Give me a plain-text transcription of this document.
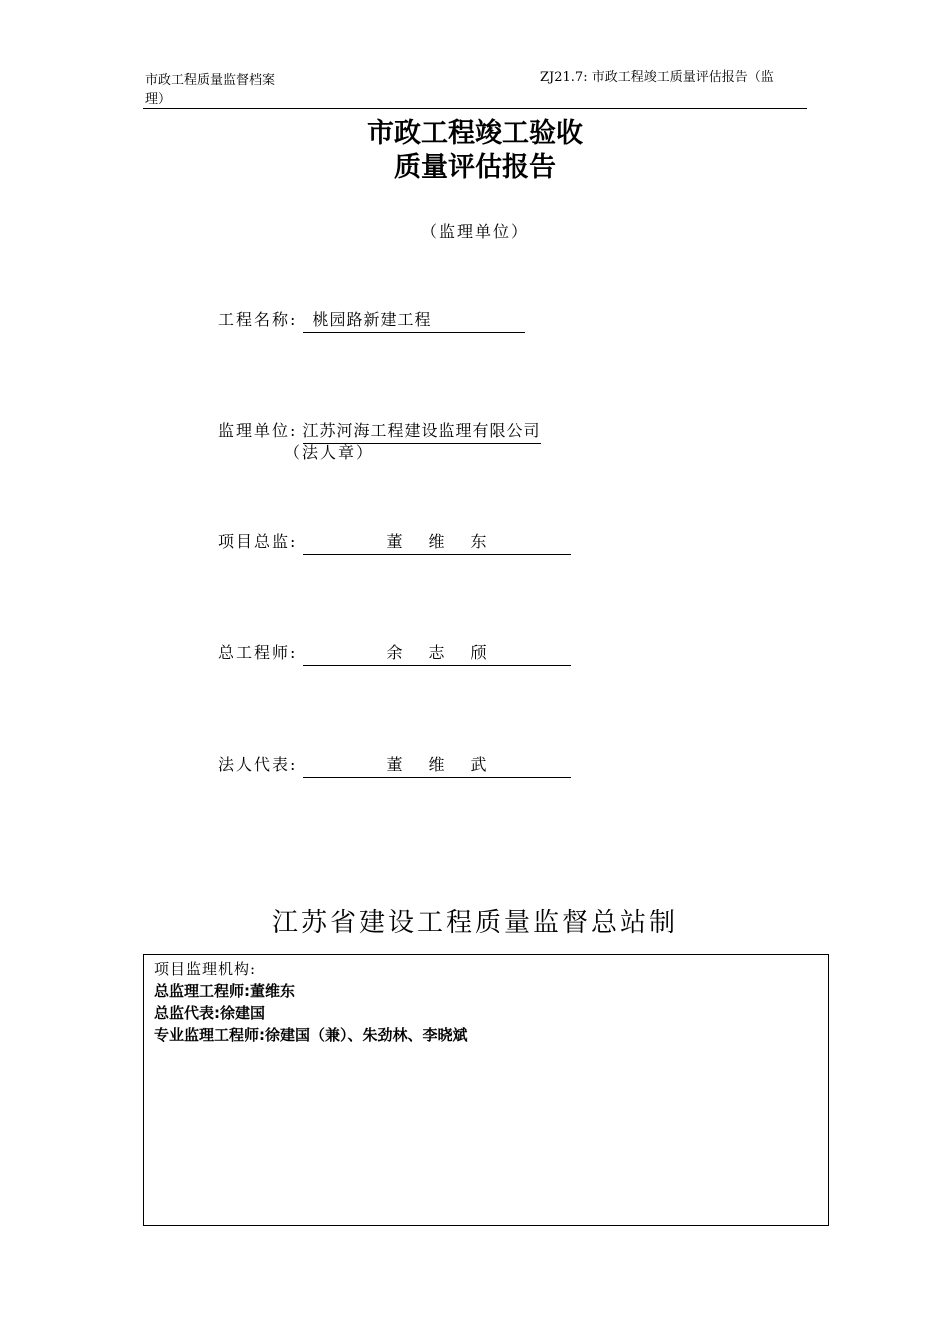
市政工程质量监督档案	ZJ21.7: 市政工程竣工质量评估报告（监
理）
市政工程竣工验收
质量评估报告
（监理单位）
工程名称: 桃园路新建工程
监理单位: 江苏河海工程建设监理有限公司
（法人章）
项目总监:	董维东
总工程师:	余志颀
法人代表:	董维武
江苏省建设工程质量监督总站制
项目监理机构:
总监理工程师:董维东
总监代表:徐建国
专业监理工程师:徐建国（兼）、朱劲林、李晓斌
